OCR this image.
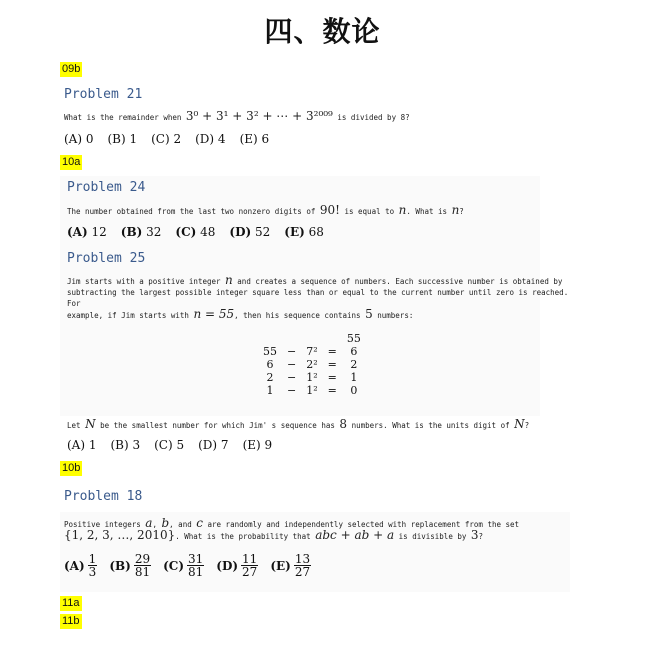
四、数论
09b
Problem 21
What is the remainder when 3⁰ + 3¹ + 3² + ⋯ + 3²⁰⁰⁹ is divided by 8?
(A) 0 (B) 1 (C) 2 (D) 4 (E) 6
10a
Problem 24
The number obtained from the last two nonzero digits of 90! is equal to n. What is n?
(A) 12 (B) 32 (C) 48 (D) 52 (E) 68
Problem 25
Jim starts with a positive integer n and creates a sequence of numbers. Each successive number is obtained by
subtracting the largest possible integer square less than or equal to the current number until zero is reached. For
example, if Jim starts with n = 55, then his sequence contains 5 numbers:
				55
55	−	7²	=	6
6	−	2²	=	2
2	−	1²	=	1
1	−	1²	=	0
Let N be the smallest number for which Jim' s sequence has 8 numbers. What is the units digit of N?
(A) 1 (B) 3 (C) 5 (D) 7 (E) 9
10b
Problem 18
Positive integers a, b, and c are randomly and independently selected with replacement from the set
{1, 2, 3, …, 2010}. What is the probability that abc + ab + a is divisible by 3?
$(A) \frac{1}{3} (B) \frac{29}{81} (C) \frac{31}{81} (D) \frac{11}{27} (E) \frac{13}{27}$
11a
11b
